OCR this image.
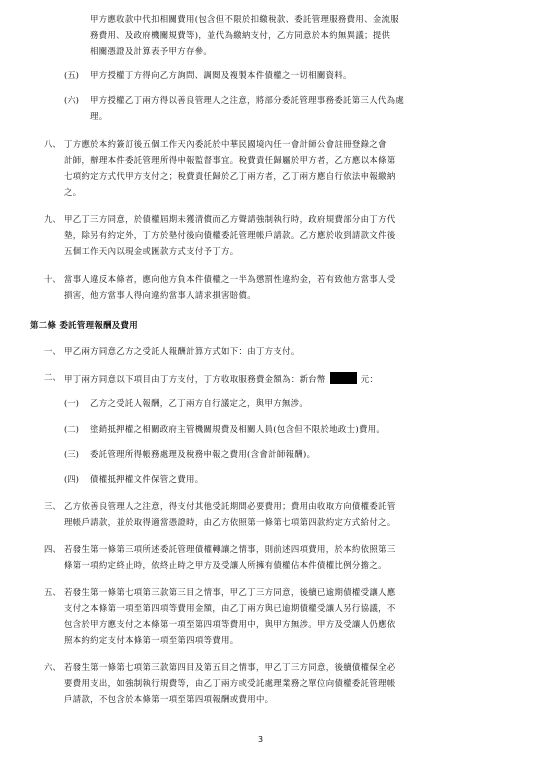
甲方應收款中代扣相關費用(包含但不限於扣繳稅款、委託管理服務費用、金流服
務費用、及政府機關規費等)，並代為繳納支付，乙方同意於本約無異議；提供
相關憑證及計算表予甲方存參。
(五) 甲方授權丁方得向乙方詢問、調閱及複製本件債權之一切相關資料。
(六) 甲方授權乙丁兩方得以善良管理人之注意，將部分委託管理事務委託第三人代為處
理。
八、 丁方應於本約簽訂後五個工作天內委託於中華民國境內任一會計師公會註冊登錄之會
計師，辦理本件委託管理所得申報監督事宜。稅費責任歸屬於甲方者，乙方應以本條第
七項約定方式代甲方支付之；稅費責任歸於乙丁兩方者，乙丁兩方應自行依法申報繳納
之。
九、 甲乙丁三方同意，於債權屆期未獲清償而乙方聲請強制執行時，政府規費部分由丁方代
墊，除另有約定外，丁方於墊付後向債權委託管理帳戶請款。乙方應於收到請款文件後
五個工作天內以現金或匯款方式支付予丁方。
十、 當事人違反本條者，應向他方負本件債權之一半為懲罰性違約金，若有致他方當事人受
損害，他方當事人得向違約當事人請求損害賠償。
第二條 委託管理報酬及費用
一、 甲乙兩方同意乙方之受託人報酬計算方式如下：由丁方支付。
二、 甲丁兩方同意以下項目由丁方支付，丁方收取服務費金額為：新台幣	元：
(一) 乙方之受託人報酬，乙丁兩方自行議定之，與甲方無涉。
(二) 塗銷抵押權之相關政府主管機關規費及相關人員(包含但不限於地政士)費用。
(三) 委託管理所得帳務處理及稅務申報之費用(含會計師報酬)。
(四) 債權抵押權文件保管之費用。
三、 乙方依善良管理人之注意，得支付其他受託期間必要費用；費用由收取方向債權委託管
理帳戶請款，並於取得適當憑證時，由乙方依照第一條第七項第四款約定方式給付之。
四、 若發生第一條第三項所述委託管理債權轉讓之情事，則前述四項費用，於本約依照第三
條第一項約定終止時，依終止時之甲方及受讓人所擁有債權佔本件債權比例分擔之。
五、 若發生第一條第七項第三款第三目之情事，甲乙丁三方同意，後續已逾期債權受讓人應
支付之本條第一項至第四項等費用金額，由乙丁兩方與已逾期債權受讓人另行協議，不
包含於甲方應支付之本條第一項至第四項等費用中，與甲方無涉。甲方及受讓人仍應依
照本約約定支付本條第一項至第四項等費用。
六、 若發生第一條第七項第三款第四目及第五目之情事，甲乙丁三方同意，後續債權保全必
要費用支出，如強制執行規費等，由乙丁兩方或受託處理業務之單位向債權委託管理帳
戶請款，不包含於本條第一項至第四項報酬或費用中。
3
